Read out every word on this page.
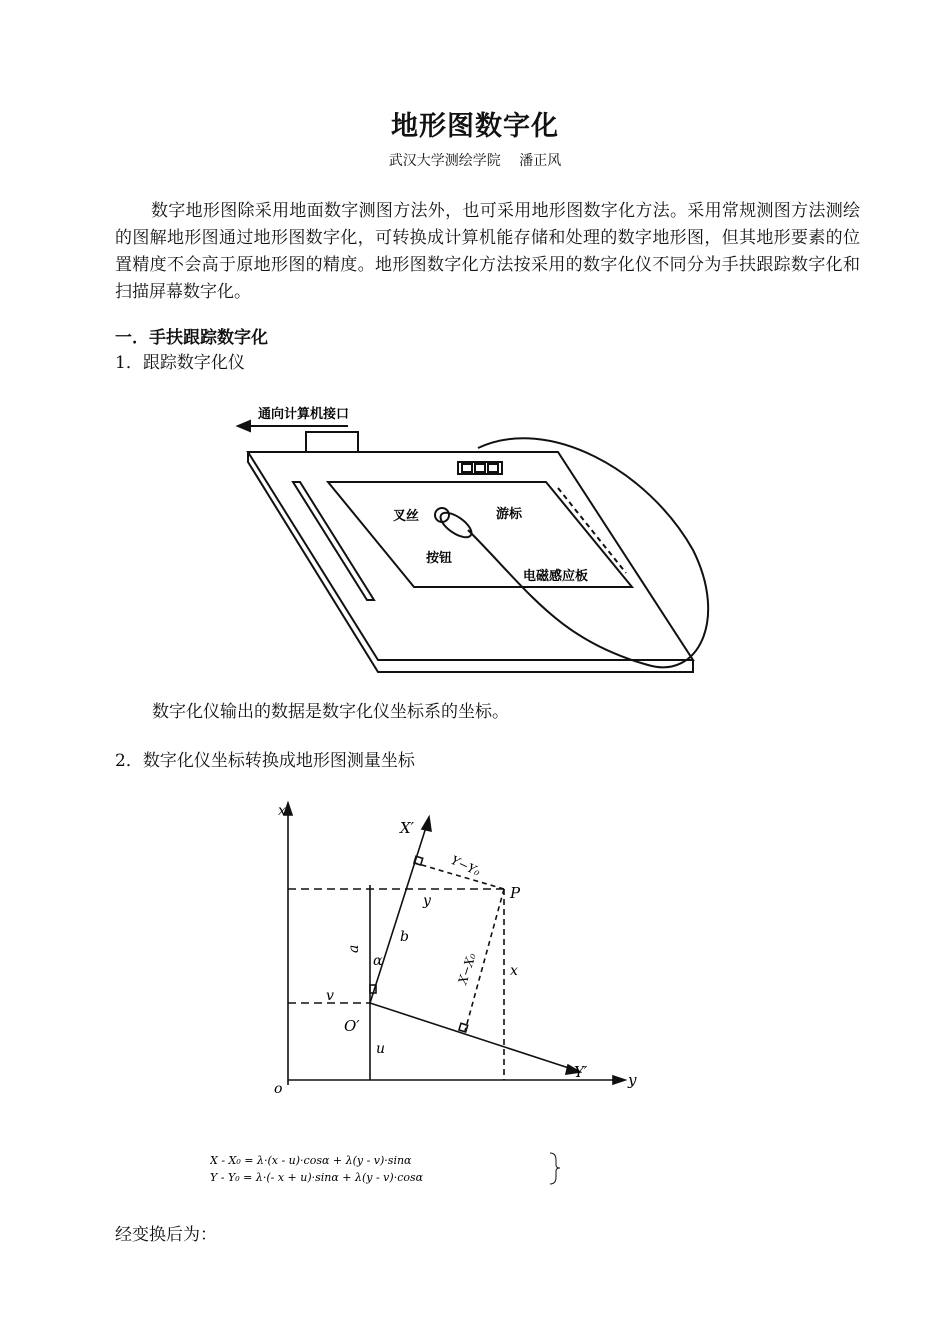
地形图数字化
武汉大学测绘学院　 潘正风
数字地形图除采用地面数字测图方法外，也可采用地形图数字化方法。采用常规测图方法测绘的图解地形图通过地形图数字化，可转换成计算机能存储和处理的数字地形图，但其地形要素的位置精度不会高于原地形图的精度。地形图数字化方法按采用的数字化仪不同分为手扶跟踪数字化和扫描屏幕数字化。
一．手扶跟踪数字化
1．跟踪数字化仪
通向计算机接口
叉丝	游标
按钮
电磁感应板
数字化仪输出的数据是数字化仪坐标系的坐标。
2．数字化仪坐标转换成地形图测量坐标
x
y
o
X′
Y′
O′
P
Y−Y₀
X−X₀
a
b
α
v
u
x
y
X - X₀ = λ·(x - u)·cosα + λ(y - v)·sinα
Y - Y₀ = λ·(- x + u)·sinα + λ(y - v)·cosα
经变换后为：
